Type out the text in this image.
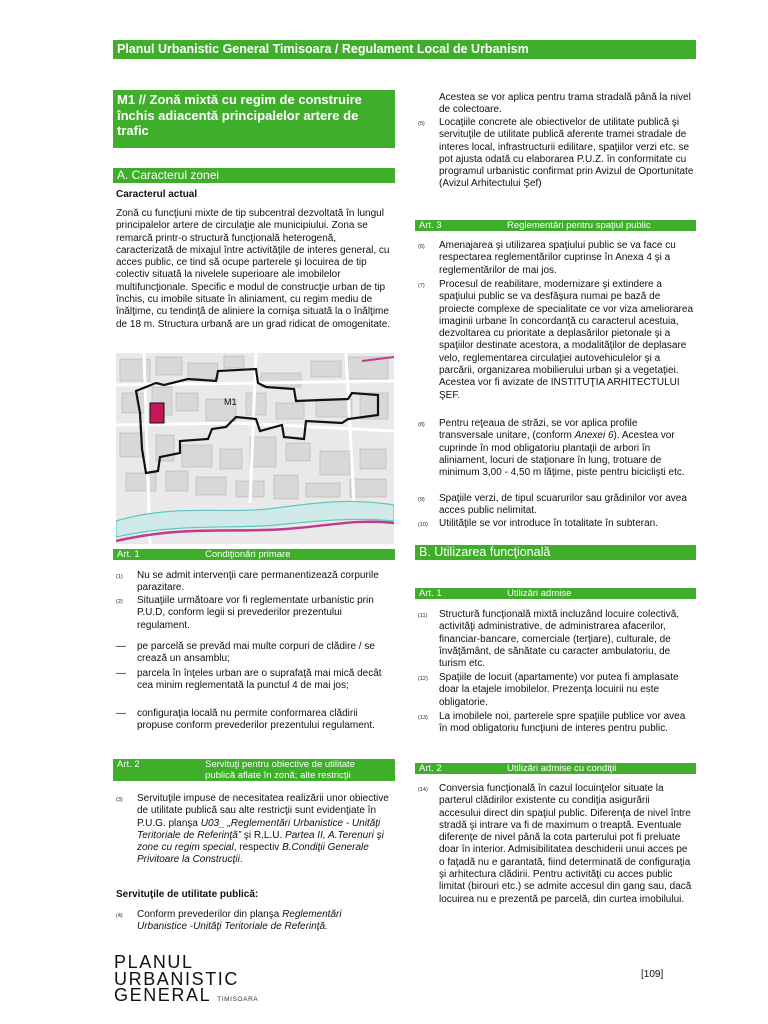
Planul Urbanistic General Timisoara / Regulament Local de Urbanism
M1 // Zonă mixtă cu regim de construire închis adiacentă principalelor artere de trafic
A. Caracterul zonei
Caracterul actual
Zonă cu funcţiuni mixte de tip subcentral dezvoltată în lungul principalelor artere de circulaţie ale municipiului. Zona se remarcă printr-o structură funcţională heterogenă, caracterizată de mixajul între activităţile de interes general, cu acces public, ce tind să ocupe parterele şi locuirea de tip colectiv situată la nivelele superioare ale imobilelor multifuncţionale. Specific e modul de construcţie urban de tip închis, cu imobile situate în aliniament, cu regim mediu de înălţime, cu tendinţă de aliniere la cornişa situată la o înălţime de 18 m. Structura urbană are un grad ridicat de omogenitate.
M1
Art. 1	Condiţionări primare
(1) Nu se admit intervenţii care permanentizează corpurile parazitare.
(2) Situaţiile următoare vor fi reglementate urbanistic prin P.U.D, conform legii si prevederilor prezentului regulament.
— pe parcelă se prevăd mai multe corpuri de clădire / se crează un ansamblu;
— parcela în înţeles urban are o suprafaţă mai mică decât cea minim reglementată la punctul 4 de mai jos;
— configuraţia locală nu permite conformarea clădirii propuse conform prevederilor prezentului regulament.
Art. 2	Servituţi pentru obiective de utilitate
publică aflate în zonă; alte restricţii
(3) Servituţile impuse de necesitatea realizării unor obiective de utilitate publică sau alte restricţii sunt evidenţiate în P.U.G. planşa U03_ „Reglementări Urbanistice - Unităţi Teritoriale de Referinţă” şi R.L.U. Partea II, A.Terenuri şi zone cu regim special, respectiv B.Condiţii Generale Privitoare la Construcţii.
Servituţile de utilitate publică:
(4) Conform prevederilor din planşa Reglementări Urbanistice -Unităţi Teritoriale de Referinţă.
Acestea se vor aplica pentru trama stradală până la nivel de colectoare.
(5) Locaţiile concrete ale obiectivelor de utilitate publică şi servituţile de utilitate publică aferente tramei stradale de interes local, infrastructurii edilitare, spaţiilor verzi etc. se pot ajusta odată cu elaborarea P.U.Z. în conformitate cu programul urbanistic confirmat prin Avizul de Oportunitate (Avizul Arhitectului Şef)
Art. 3	Reglementări pentru spaţiul public
(6) Amenajarea şi utilizarea spaţiului public se va face cu respectarea reglementărilor cuprinse în Anexa 4 şi a reglementărilor de mai jos.
(7) Procesul de reabilitare, modernizare şi extindere a spaţiului public se va desfăşura numai pe bază de proiecte complexe de specialitate ce vor viza ameliorarea imaginii urbane în concordanţă cu caracterul acestuia, dezvoltarea cu prioritate a deplasărilor pietonale şi a spaţiilor destinate acestora, a modalităţilor de deplasare velo, reglementarea circulaţiei autovehiculelor şi a parcării, organizarea mobilierului urban şi a vegetaţiei. Acestea vor fi avizate de INSTITUŢIA ARHITECTULUI ŞEF.
(8) Pentru reţeaua de străzi, se vor aplica profile transversale unitare, (conform Anexei 6). Acestea vor cuprinde în mod obligatoriu plantaţii de arbori în aliniament, locuri de staţionare în lung, trotuare de minimum 3,00 - 4,50 m lăţime, piste pentru biciclişti etc.
(9) Spaţiile verzi, de tipul scuarurilor sau grădinilor vor avea acces public nelimitat.
(10) Utilităţile se vor introduce în totalitate în subteran.
B. Utilizarea funcţională
Art. 1	Utilizări admise
(11) Structură funcţională mixtă incluzând locuire colectivă, activităţi administrative, de administrarea afacerilor, financiar-bancare, comerciale (terţiare), culturale, de învăţământ, de sănătate cu caracter ambulatoriu, de turism etc.
(12) Spaţiile de locuit (apartamente) vor putea fi amplasate doar la etajele imobilelor. Prezenţa locuirii nu este obligatorie.
(13) La imobilele noi, parterele spre spaţiile publice vor avea în mod obligatoriu funcţiuni de interes pentru public.
Art. 2	Utilizări admise cu condiţii
(14) Conversia funcţională în cazul locuinţelor situate la parterul clădirilor existente cu condiţia asigurării accesului direct din spaţiul public. Diferenţa de nivel între stradă şi intrare va fi de maximum o treaptă. Eventuale diferenţe de nivel până la cota parterului pot fi preluate doar în interior. Admisibilitatea deschiderii unui acces pe o faţadă nu e garantată, fiind determinată de configuraţia şi arhitectura clădirii. Pentru activităţi cu acces public limitat (birouri etc.) se admite accesul din gang sau, dacă locuirea nu e prezentă pe parcelă, din curtea imobilului.
PLANUL
URBANISTIC
GENERAL TIMISOARA
[109]
